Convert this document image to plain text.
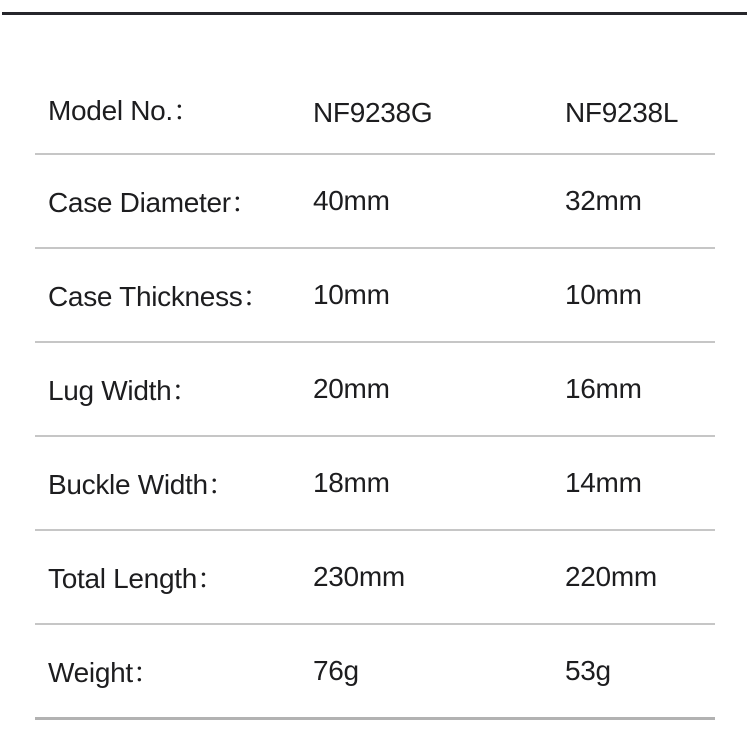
Model No.：	NF9238G	NF9238L
Case Diameter： 40mm	32mm
Case Thickness： 10mm	10mm
Lug Width：	20mm	16mm
Buckle Width：	18mm	14mm
Total Length：	230mm	220mm
Weight：	76g	53g
